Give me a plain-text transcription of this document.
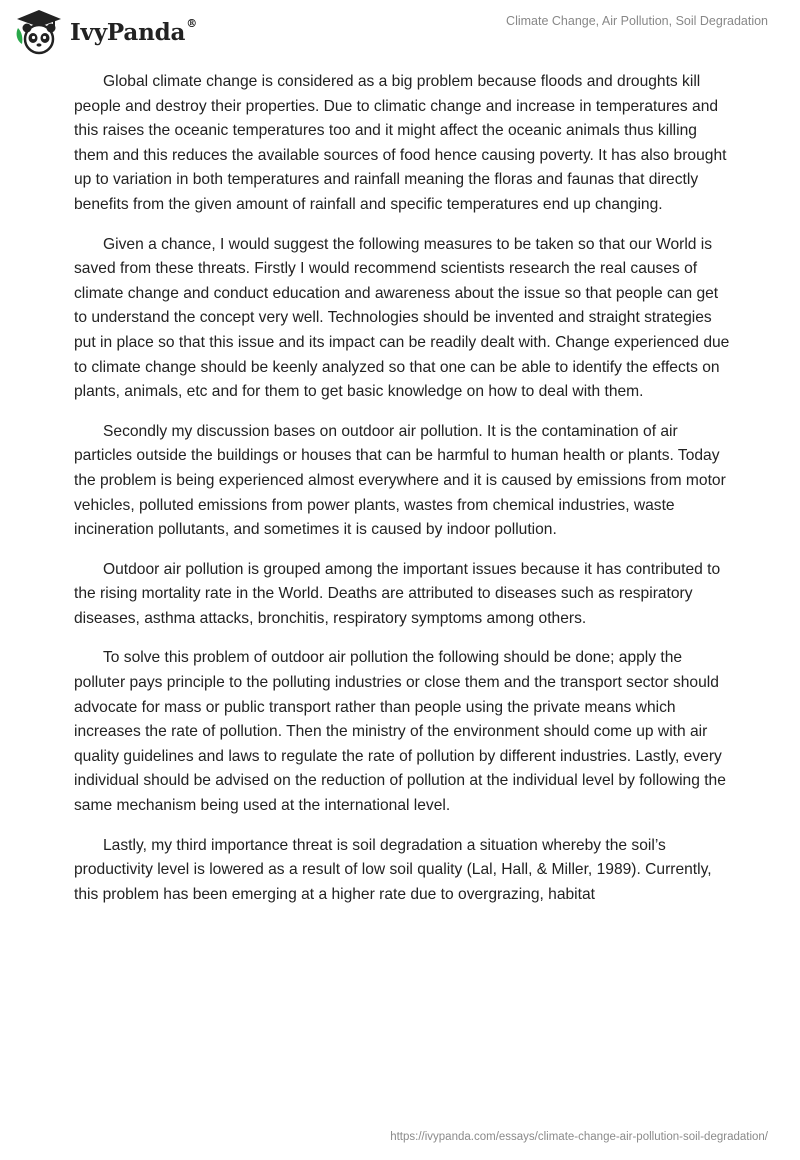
IvyPanda®	Climate Change, Air Pollution, Soil Degradation

Global climate change is considered as a big problem because floods and droughts kill people and destroy their properties. Due to climatic change and increase in temperatures and this raises the oceanic temperatures too and it might affect the oceanic animals thus killing them and this reduces the available sources of food hence causing poverty. It has also brought up to variation in both temperatures and rainfall meaning the floras and faunas that directly benefits from the given amount of rainfall and specific temperatures end up changing.

Given a chance, I would suggest the following measures to be taken so that our World is saved from these threats. Firstly I would recommend scientists research the real causes of climate change and conduct education and awareness about the issue so that people can get to understand the concept very well. Technologies should be invented and straight strategies put in place so that this issue and its impact can be readily dealt with. Change experienced due to climate change should be keenly analyzed so that one can be able to identify the effects on plants, animals, etc and for them to get basic knowledge on how to deal with them.

Secondly my discussion bases on outdoor air pollution. It is the contamination of air particles outside the buildings or houses that can be harmful to human health or plants. Today the problem is being experienced almost everywhere and it is caused by emissions from motor vehicles, polluted emissions from power plants, wastes from chemical industries, waste incineration pollutants, and sometimes it is caused by indoor pollution.

Outdoor air pollution is grouped among the important issues because it has contributed to the rising mortality rate in the World. Deaths are attributed to diseases such as respiratory diseases, asthma attacks, bronchitis, respiratory symptoms among others.

To solve this problem of outdoor air pollution the following should be done; apply the polluter pays principle to the polluting industries or close them and the transport sector should advocate for mass or public transport rather than people using the private means which increases the rate of pollution. Then the ministry of the environment should come up with air quality guidelines and laws to regulate the rate of pollution by different industries. Lastly, every individual should be advised on the reduction of pollution at the individual level by following the same mechanism being used at the international level.

Lastly, my third importance threat is soil degradation a situation whereby the soil’s productivity level is lowered as a result of low soil quality (Lal, Hall, & Miller, 1989). Currently, this problem has been emerging at a higher rate due to overgrazing, habitat

https://ivypanda.com/essays/climate-change-air-pollution-soil-degradation/
